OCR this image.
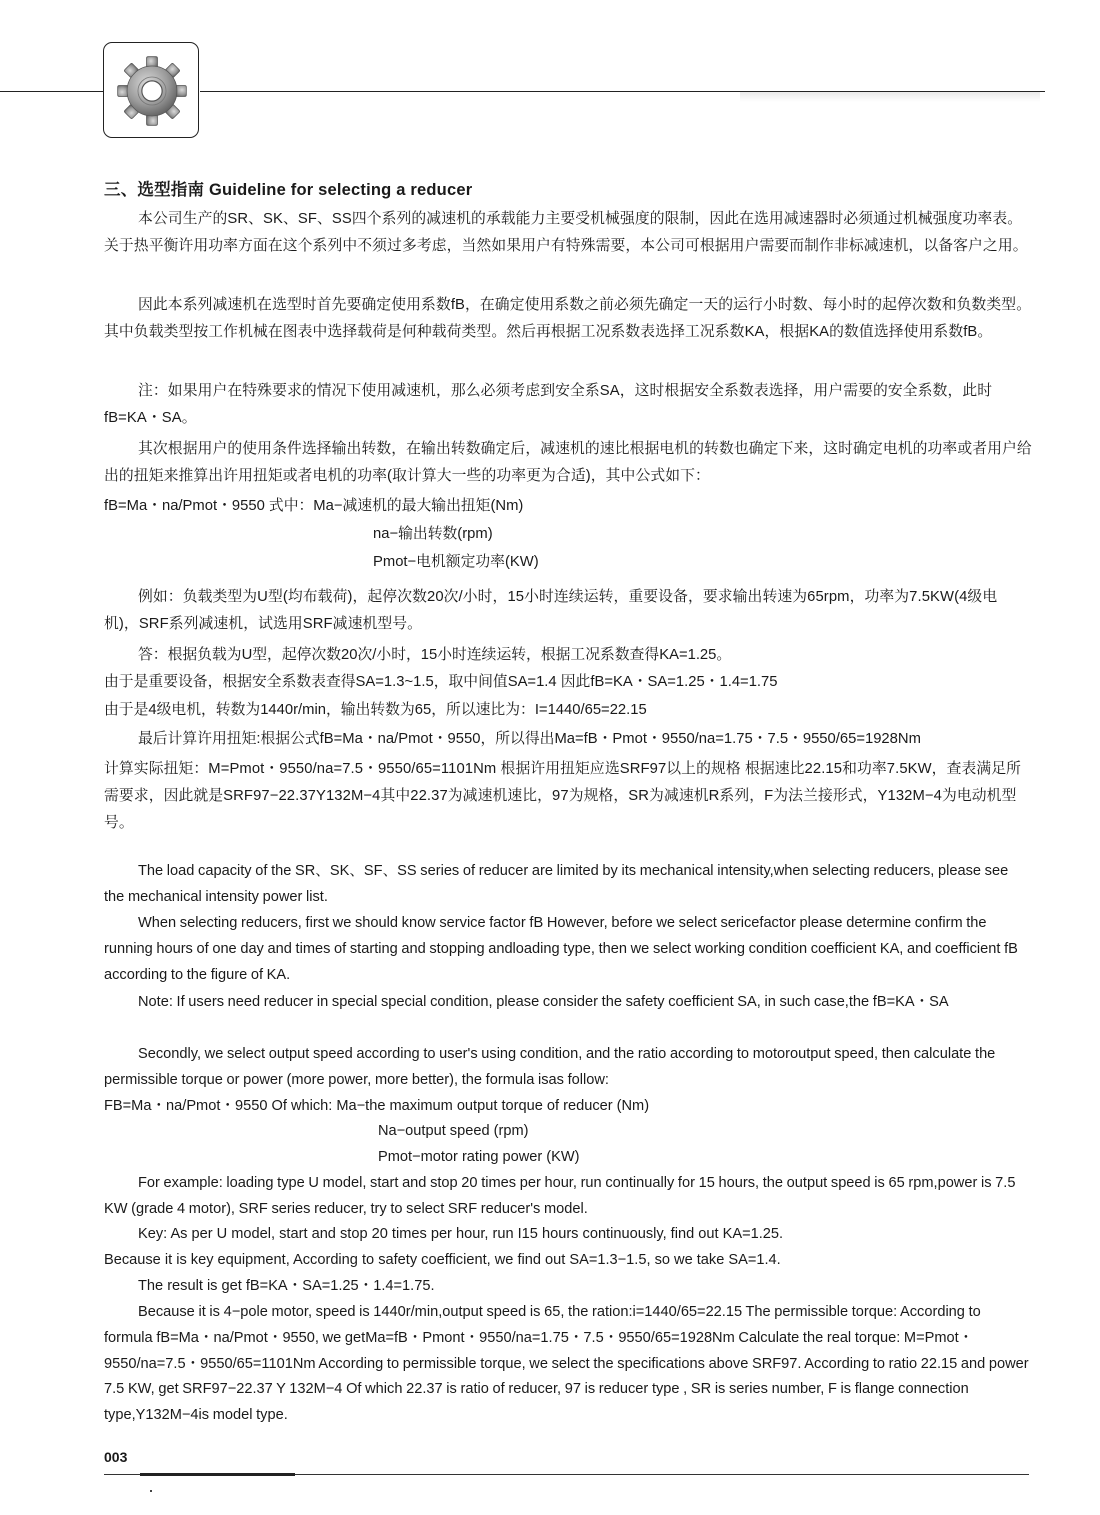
三、选型指南 Guideline for selecting a reducer
本公司生产的SR、SK、SF、SS四个系列的减速机的承载能力主要受机械强度的限制，因此在选用减速器时必须通过机械强度功率表。关于热平衡许用功率方面在这个系列中不须过多考虑，当然如果用户有特殊需要，本公司可根据用户需要而制作非标减速机，以备客户之用。
因此本系列减速机在选型时首先要确定使用系数fB，在确定使用系数之前必须先确定一天的运行小时数、每小时的起停次数和负数类型。其中负载类型按工作机械在图表中选择载荷是何种载荷类型。然后再根据工况系数表选择工况系数KA，根据KA的数值选择使用系数fB。
注：如果用户在特殊要求的情况下使用减速机，那么必须考虑到安全系SA，这时根据安全系数表选择，用户需要的安全系数，此时fB=KA・SA。
其次根据用户的使用条件选择输出转数，在输出转数确定后，减速机的速比根据电机的转数也确定下来，这时确定电机的功率或者用户给出的扭矩来推算出许用扭矩或者电机的功率(取计算大一些的功率更为合适)，其中公式如下：
fB=Ma・na/Pmot・9550 式中：Ma−减速机的最大输出扭矩(Nm)
na−输出转数(rpm)
Pmot−电机额定功率(KW)
例如：负载类型为U型(均布载荷)，起停次数20次/小时，15小时连续运转，重要设备，要求输出转速为65rpm，功率为7.5KW(4级电机)，SRF系列减速机，试选用SRF减速机型号。
答：根据负载为U型，起停次数20次/小时，15小时连续运转，根据工况系数查得KA=1.25。
由于是重要设备，根据安全系数表查得SA=1.3~1.5，取中间值SA=1.4 因此fB=KA・SA=1.25・1.4=1.75
由于是4级电机，转数为1440r/min，输出转数为65，所以速比为：I=1440/65=22.15
最后计算许用扭矩:根据公式fB=Ma・na/Pmot・9550，所以得出Ma=fB・Pmot・9550/na=1.75・7.5・9550/65=1928Nm
计算实际扭矩：M=Pmot・9550/na=7.5・9550/65=1101Nm 根据许用扭矩应选SRF97以上的规格 根据速比22.15和功率7.5KW，查表满足所需要求，因此就是SRF97−22.37Y132M−4其中22.37为减速机速比，97为规格，SR为减速机R系列，F为法兰接形式，Y132M−4为电动机型号。
The load capacity of the SR、SK、SF、SS series of reducer are limited by its mechanical intensity,when selecting reducers, please see the mechanical intensity power list.
When selecting reducers, first we should know service factor fB However, before we select sericefactor please determine confirm the running hours of one day and times of starting and stopping andloading type, then we select working condition coefficient KA, and coefficient fB according to the figure of KA.
Note: If users need reducer in special special condition, please consider the safety coefficient SA, in such case,the fB=KA・SA
Secondly, we select output speed according to user's using condition, and the ratio according to motoroutput speed, then calculate the permissible torque or power (more power, more better), the formula isas follow:
FB=Ma・na/Pmot・9550 Of which: Ma−the maximum output torque of reducer (Nm)
Na−output speed (rpm)
Pmot−motor rating power (KW)
For example: loading type U model, start and stop 20 times per hour, run continually for 15 hours, the output speed is 65 rpm,power is 7.5 KW (grade 4 motor), SRF series reducer, try to select SRF reducer's model.
Key: As per U model, start and stop 20 times per hour, run I15 hours continuously, find out KA=1.25.
Because it is key equipment, According to safety coefficient, we find out SA=1.3−1.5, so we take SA=1.4.
The result is get fB=KA・SA=1.25・1.4=1.75.
Because it is 4−pole motor, speed is 1440r/min,output speed is 65, the ration:i=1440/65=22.15 The permissible torque: According to formula fB=Ma・na/Pmot・9550, we getMa=fB・Pmont・9550/na=1.75・7.5・9550/65=1928Nm Calculate the real torque: M=Pmot・9550/na=7.5・9550/65=1101Nm According to permissible torque, we select the specifications above SRF97. According to ratio 22.15 and power 7.5 KW, get SRF97−22.37 Y 132M−4 Of which 22.37 is ratio of reducer, 97 is reducer type , SR is series number, F is flange connection type,Y132M−4is model type.
003
